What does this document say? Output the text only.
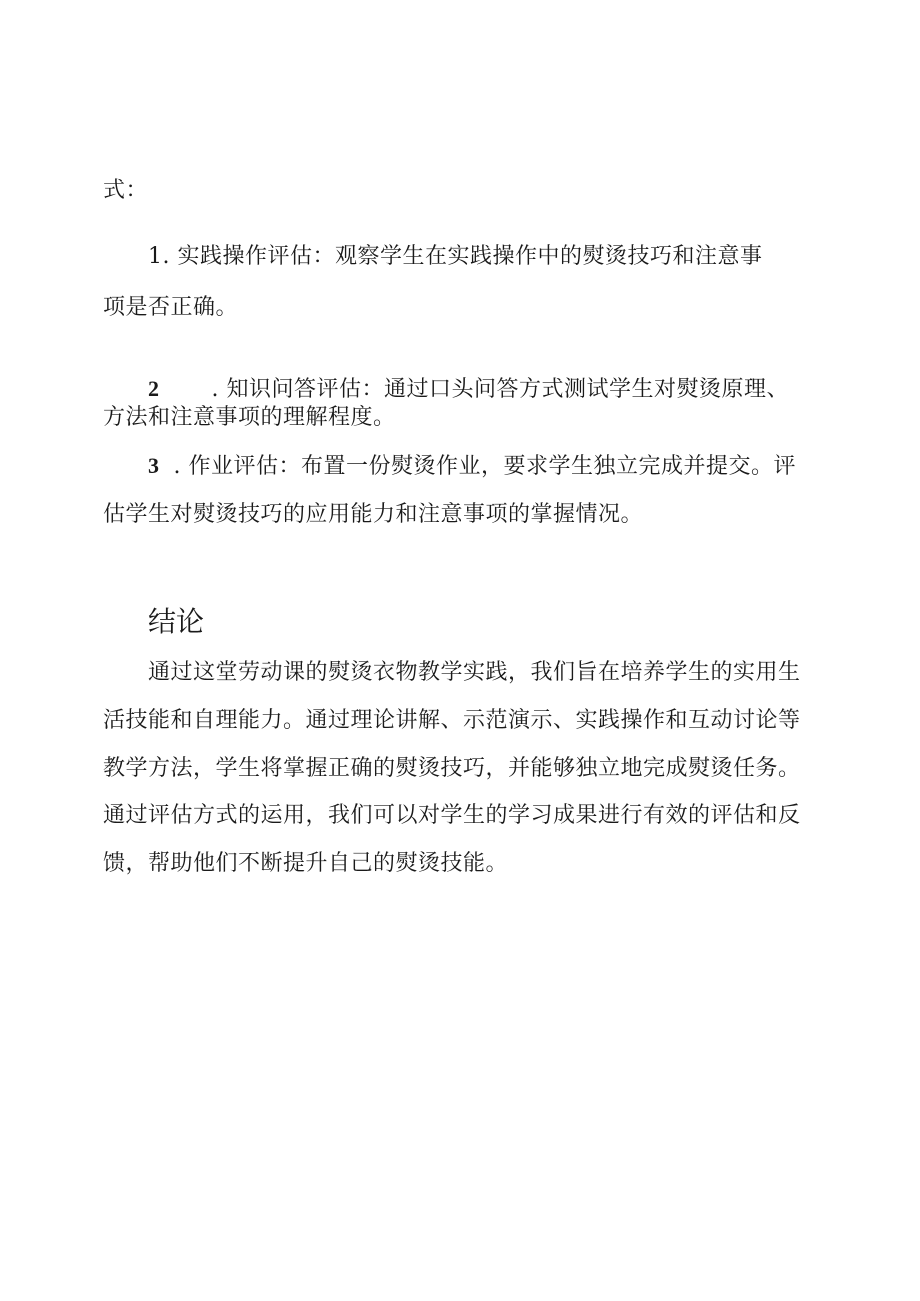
式：
1. 实践操作评估：观察学生在实践操作中的熨烫技巧和注意事
项是否正确。
2 . 知识问答评估：通过口头问答方式测试学生对熨烫原理、
方法和注意事项的理解程度。
3 . 作业评估：布置一份熨烫作业，要求学生独立完成并提交。评
估学生对熨烫技巧的应用能力和注意事项的掌握情况。
结论
通过这堂劳动课的熨烫衣物教学实践，我们旨在培养学生的实用生
活技能和自理能力。通过理论讲解、示范演示、实践操作和互动讨论等
教学方法，学生将掌握正确的熨烫技巧，并能够独立地完成熨烫任务。
通过评估方式的运用，我们可以对学生的学习成果进行有效的评估和反
馈，帮助他们不断提升自己的熨烫技能。
